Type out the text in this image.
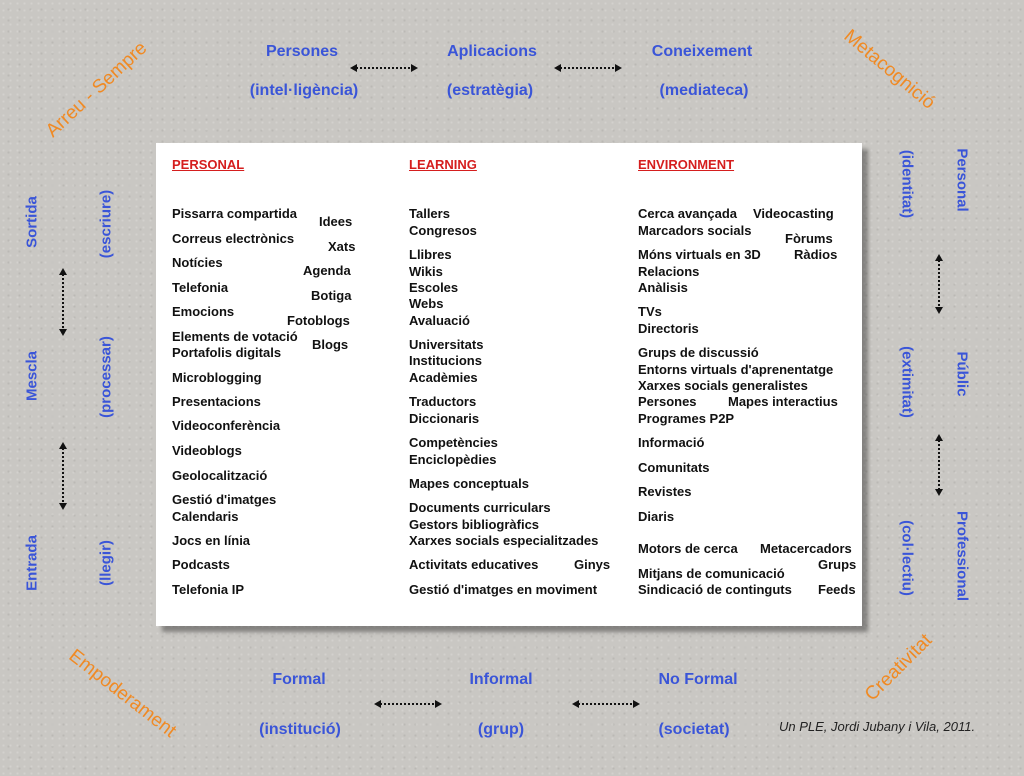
Persones
(intel·ligència)
Aplicacions
(estratègia)
Coneixement
(mediateca)
Formal
(institució)
Informal
(grup)
No Formal
(societat)
Arreu - Sempre	Metacognició
Empoderament	Creativitat
Sortida	(escriure)
Mescla	(processar)
Entrada	(llegir)
(identitat)	Personal
(extimitat)	Públic
(col·lectiu)	Professional
PERSONAL	LEARNING	ENVIRONMENT
Pissarra compartida
Correus electrònics
Notícies
Telefonia
Emocions
Elements de votació
Portafolis digitals
Microblogging
Presentacions
Videoconferència
Videoblogs
Geolocalització
Gestió d'imatges
Calendaris
Jocs en línia
Podcasts
Telefonia IP
Idees
Xats
Agenda
Botiga
Fotoblogs
Blogs
Tallers
Congresos
Llibres
Wikis
Escoles
Webs
Avaluació
Universitats
Institucions
Acadèmies
Traductors
Diccionaris
Competències
Enciclopèdies
Mapes conceptuals
Documents curriculars
Gestors bibliogràfics
Xarxes socials especialitzades
Activitats educatives	Ginys
Gestió d'imatges en moviment
Cerca avançada Videocasting
Marcadors socials
Fòrums
Móns virtuals en 3D	Ràdios
Relacions
Anàlisis
TVs
Directoris
Grups de discussió
Entorns virtuals d'aprenentatge
Xarxes socials generalistes
Persones Mapes interactius
Programes P2P
Informació
Comunitats
Revistes
Diaris
Motors de cerca Metacercadors
Grups
Mitjans de comunicació
Sindicació de continguts Feeds
Un PLE, Jordi Jubany i Vila, 2011.
